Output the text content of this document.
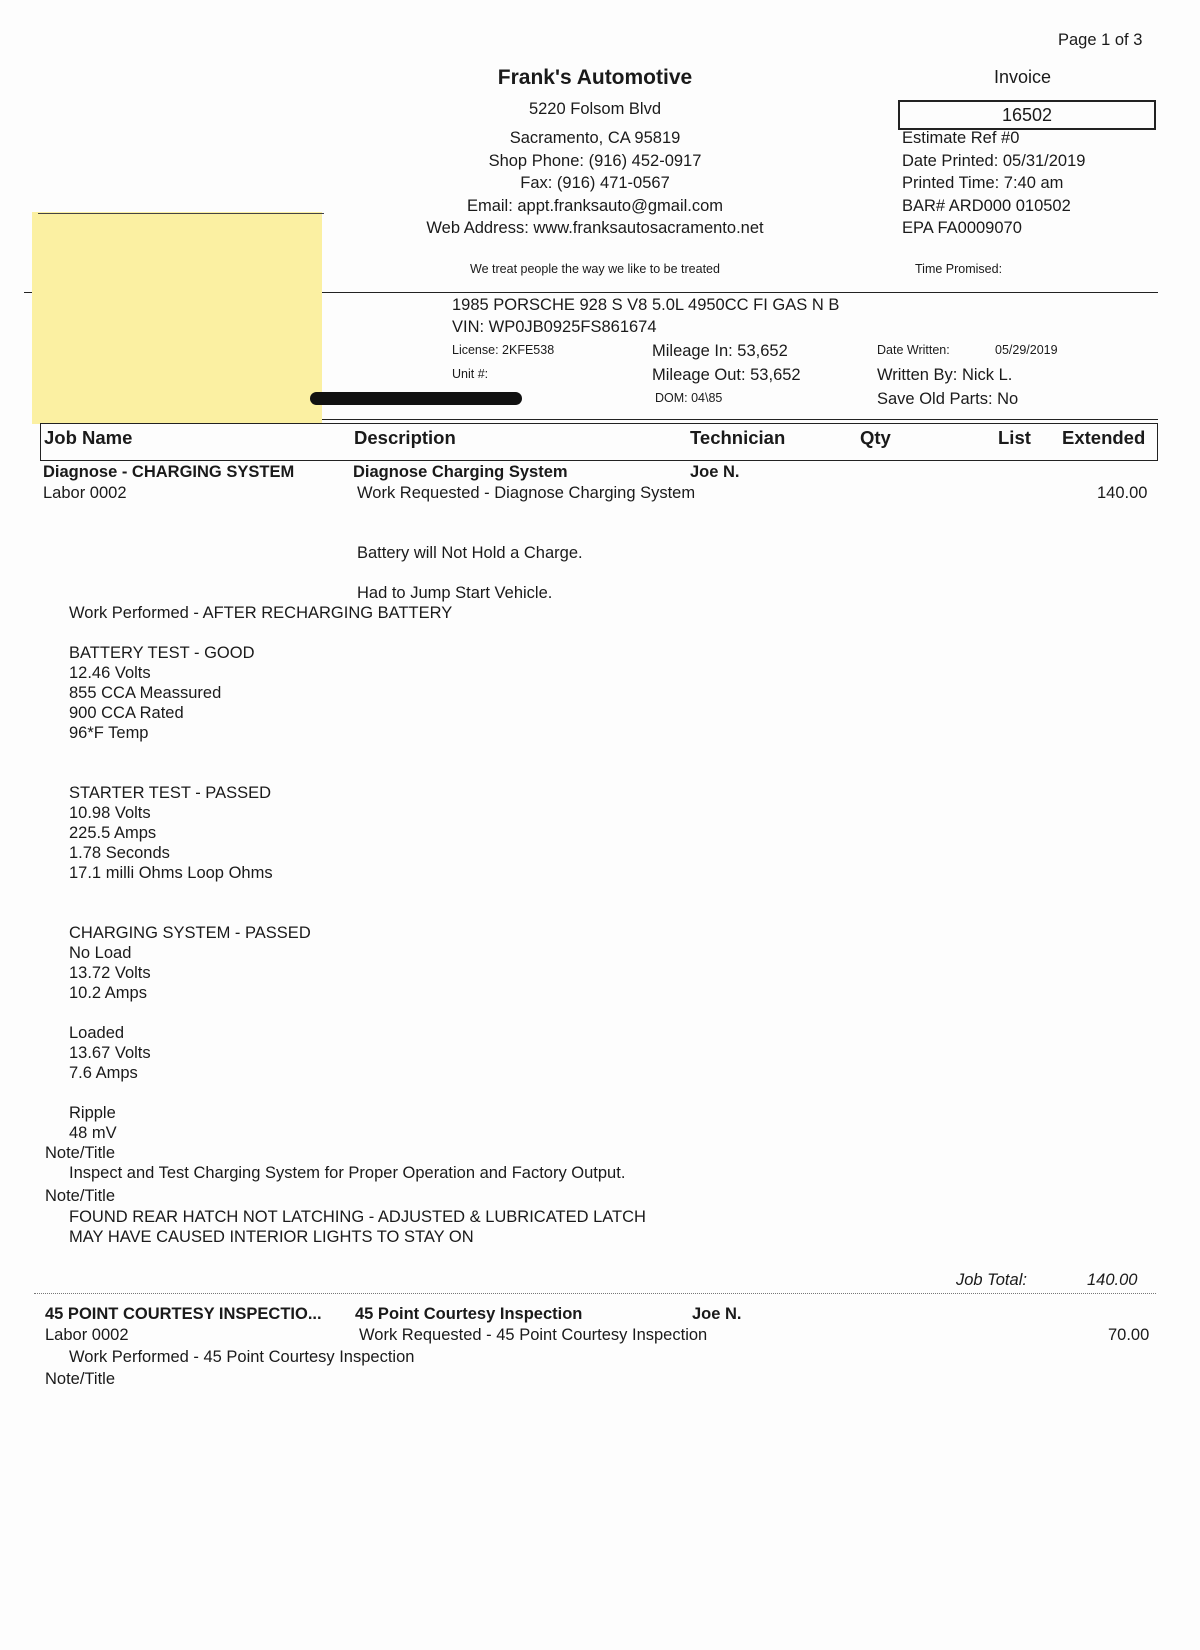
Page 1 of 3
Frank's Automotive
5220 Folsom Blvd
Sacramento, CA 95819
Shop Phone: (916) 452-0917
Fax: (916) 471-0567
Email: appt.franksauto@gmail.com
Web Address: www.franksautosacramento.net
We treat people the way we like to be treated
Invoice
16502
Estimate Ref #0
Date Printed: 05/31/2019
Printed Time: 7:40 am
BAR# ARD000 010502
EPA FA0009070
Time Promised:
1985 PORSCHE 928 S V8 5.0L 4950CC FI GAS N B
VIN: WP0JB0925FS861674
License: 2KFE538
Unit #:
Mileage In: 53,652
Mileage Out: 53,652
DOM: 04\85
Date Written:	05/29/2019
Written By: Nick L.
Save Old Parts: No
Job Name	Description	Technician	Qty	List Extended
Diagnose - CHARGING SYSTEM	Diagnose Charging System	Joe N.
Labor 0002	Work Requested - Diagnose Charging System	140.00
Battery will Not Hold a Charge.
Had to Jump Start Vehicle.
Work Performed - AFTER RECHARGING BATTERY
BATTERY TEST - GOOD
12.46 Volts
855 CCA Meassured
900 CCA Rated
96*F Temp
STARTER TEST - PASSED
10.98 Volts
225.5 Amps
1.78 Seconds
17.1 milli Ohms Loop Ohms
CHARGING SYSTEM - PASSED
No Load
13.72 Volts
10.2 Amps
Loaded
13.67 Volts
7.6 Amps
Ripple
48 mV
Note/Title
Inspect and Test Charging System for Proper Operation and Factory Output.
Note/Title
FOUND REAR HATCH NOT LATCHING - ADJUSTED & LUBRICATED LATCH
MAY HAVE CAUSED INTERIOR LIGHTS TO STAY ON
Job Total:	140.00
45 POINT COURTESY INSPECTIO... 45 Point Courtesy Inspection	Joe N.
Labor 0002	Work Requested - 45 Point Courtesy Inspection	70.00
Work Performed - 45 Point Courtesy Inspection
Note/Title
